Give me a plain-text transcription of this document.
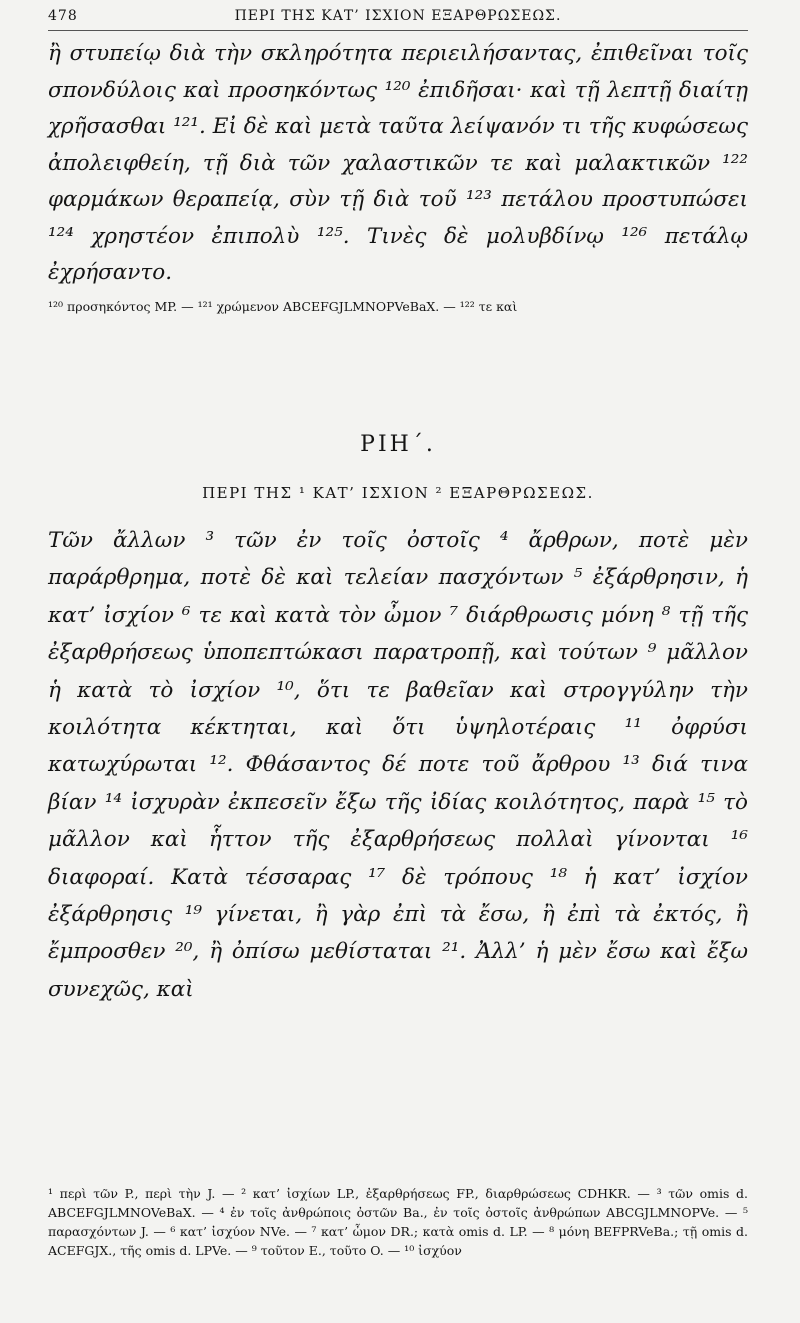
478	ΠΕΡΙ ΤΗΣ ΚΑΤ’ ΙΣΧΙΟΝ ΕΞΑΡΘΡΩΣΕΩΣ.

ἢ στυπείῳ διὰ τὴν σκληρότητα περιειλήσαντας, ἐπιθεῖναι τοῖς σπονδύλοις καὶ προσηκόντως ¹²⁰ ἐπιδῆσαι· καὶ τῇ λεπτῇ διαίτῃ χρῆσασθαι ¹²¹. Εἰ δὲ καὶ μετὰ ταῦτα λείψανόν τι τῆς κυφώσεως ἀπολειφθείη, τῇ διὰ τῶν χαλαστικῶν τε καὶ μαλακτικῶν ¹²² φαρμάκων θεραπείᾳ, σὺν τῇ διὰ τοῦ ¹²³ πετάλου προστυπώσει ¹²⁴ χρηστέον ἐπιπολὺ ¹²⁵. Τινὲς δὲ μολυβδίνῳ ¹²⁶ πετάλῳ ἐχρήσαντο.

¹²⁰ προσηκόντος MP. — ¹²¹ χρώμενον ABCEFGJLMNOPVeBaX. — ¹²² τε καὶ

ΡΙΗ΄.
ΠΕΡΙ ΤΗΣ ¹ ΚΑΤ’ ΙΣΧΙΟΝ ² ΕΞΑΡΘΡΩΣΕΩΣ.

Τῶν ἄλλων ³ τῶν ἐν τοῖς ὀστοῖς ⁴ ἄρθρων, ποτὲ μὲν παράρθρημα, ποτὲ δὲ καὶ τελείαν πασχόντων ⁵ ἐξάρθρησιν, ἡ κατ’ ἰσχίον ⁶ τε καὶ κατὰ τὸν ὦμον ⁷ διάρθρωσις μόνη ⁸ τῇ τῆς ἐξαρθρήσεως ὑποπεπτώκασι παρατροπῇ, καὶ τούτων ⁹ μᾶλλον ἡ κατὰ τὸ ἰσχίον ¹⁰, ὅτι τε βαθεῖαν καὶ στρογγύλην τὴν κοιλότητα κέκτηται, καὶ ὅτι ὑψηλοτέραις ¹¹ ὀφρύσι κατωχύρωται ¹². Φθάσαντος δέ ποτε τοῦ ἄρθρου ¹³ διά τινα βίαν ¹⁴ ἰσχυρὰν ἐκπεσεῖν ἔξω τῆς ἰδίας κοιλότητος, παρὰ ¹⁵ τὸ μᾶλλον καὶ ἧττον τῆς ἐξαρθρήσεως πολλαὶ γίνονται ¹⁶ διαφοραί. Κατὰ τέσσαρας ¹⁷ δὲ τρόπους ¹⁸ ἡ κατ’ ἰσχίον ἐξάρθρησις ¹⁹ γίνεται, ἢ γὰρ ἐπὶ τὰ ἔσω, ἢ ἐπὶ τὰ ἐκτός, ἢ ἔμπροσθεν ²⁰, ἢ ὀπίσω μεθίσταται ²¹. Ἀλλ’ ἡ μὲν ἔσω καὶ ἔξω συνεχῶς, καὶ

¹ περὶ τῶν P., περὶ τὴν J. — ² κατ’ ἰσχίων LP., ἐξαρθρήσεως FP., διαρθρώσεως CDHKR. — ³ τῶν omis d. ABCEFGJLMNOVeBaX. — ⁴ ἐν τοῖς ἀνθρώποις ὀστῶν Ba., ἐν τοῖς ὀστοῖς ἀνθρώπων ABCGJLMNOPVe. — ⁵ παρασχόντων J. — ⁶ κατ’ ἰσχύον NVe. — ⁷ κατ’ ὦμον DR.; κατὰ omis d. LP. — ⁸ μόνη BEFPRVeBa.; τῇ omis d. ACEFGJX., τῆς omis d. LPVe. — ⁹ τοῦτον E., τοῦτο O. — ¹⁰ ἰσχύον
